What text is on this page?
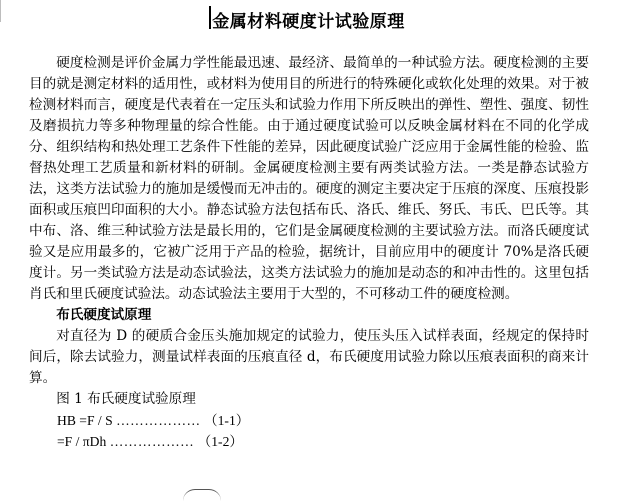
金属材料硬度计试验原理

硬度检测是评价金属力学性能最迅速、最经济、最简单的一种试验方法。硬度检测的主要目的就是测定材料的适用性，或材料为使用目的所进行的特殊硬化或软化处理的效果。对于被检测材料而言，硬度是代表着在一定压头和试验力作用下所反映出的弹性、塑性、强度、韧性及磨损抗力等多种物理量的综合性能。由于通过硬度试验可以反映金属材料在不同的化学成分、组织结构和热处理工艺条件下性能的差异，因此硬度试验广泛应用于金属性能的检验、监督热处理工艺质量和新材料的研制。金属硬度检测主要有两类试验方法。一类是静态试验方法，这类方法试验力的施加是缓慢而无冲击的。硬度的测定主要决定于压痕的深度、压痕投影面积或压痕凹印面积的大小。静态试验方法包括布氏、洛氏、维氏、努氏、韦氏、巴氏等。其中布、洛、维三种试验方法是最长用的，它们是金属硬度检测的主要试验方法。而洛氏硬度试验又是应用最多的，它被广泛用于产品的检验，据统计，目前应用中的硬度计 70%是洛氏硬度计。另一类试验方法是动态试验法，这类方法试验力的施加是动态的和冲击性的。这里包括肖氏和里氏硬度试验法。动态试验法主要用于大型的，不可移动工件的硬度检测。

布氏硬度试原理

对直径为 D 的硬质合金压头施加规定的试验力，使压头压入试样表面，经规定的保持时间后，除去试验力，测量试样表面的压痕直径 d，布氏硬度用试验力除以压痕表面积的商来计算。

图 1 布氏硬度试验原理

HB =F / S ……………… （1-1）
=F / πDh ……………… （1-2）
